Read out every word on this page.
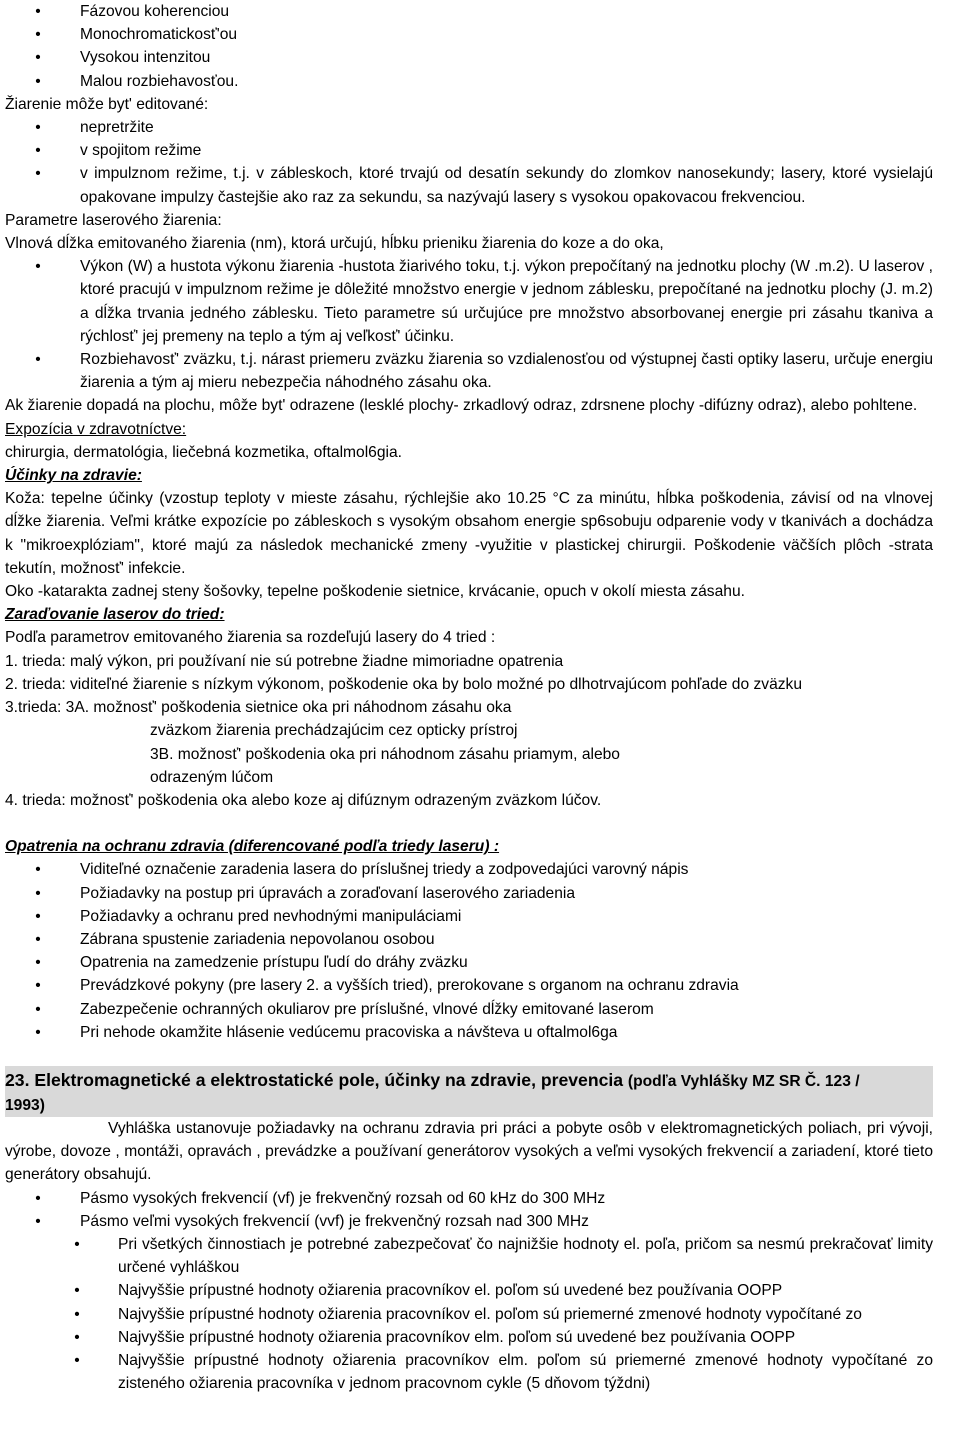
•	Fázovou koherenciou
•	Monochromatickosť'ou
•	Vysokou intenzitou
•	Malou rozbiehavosťou.
Žiarenie môže byt' editované:
•	nepretržite
•	v spojitom režime
•	v impulznom režime, t.j. v zábleskoch, ktoré trvajú od desatín sekundy do zlomkov nanosekundy; lasery, ktoré vysielajú opakovane impulzy častejšie ako raz za sekundu, sa nazývajú lasery s vysokou opakovacou frekvenciou.
Parametre laserového žiarenia:
Vlnová dĺžka emitovaného žiarenia (nm), ktorá určujú, hĺbku prieniku žiarenia do koze a do oka,
•	Výkon (W) a hustota výkonu žiarenia -hustota žiarivého toku, t.j. výkon prepočítaný na jednotku plochy (W .m.2). U laserov , ktoré pracujú v impulznom režime je dôležité množstvo energie v jednom záblesku, prepočítané na jednotku plochy (J. m.2) a dĺžka trvania jedného záblesku. Tieto parametre sú určujúce pre množstvo absorbovanej energie pri zásahu tkaniva a rýchlosť' jej premeny na teplo a tým aj veľkosť' účinku.
•	Rozbiehavosť' zväzku, t.j. nárast priemeru zväzku žiarenia so vzdialenosťou od výstupnej časti optiky laseru, určuje energiu žiarenia a tým aj mieru nebezpečia náhodného zásahu oka.
Ak žiarenie dopadá na plochu, môže byt' odrazene (lesklé plochy- zrkadlový odraz, zdrsnene plochy -difúzny odraz), alebo pohltene.
Expozícia v zdravotníctve:
chirurgia, dermatológia, liečebná kozmetika, oftalmol6gia.
Účinky na zdravie:
Koža: tepelne účinky (vzostup teploty v mieste zásahu, rýchlejšie ako 10.25 °C za minútu, hĺbka poškodenia, závisí od na vlnovej dĺžke žiarenia. Veľmi krátke expozície po zábleskoch s vysokým obsahom energie sp6sobuju odparenie vody v tkanivách a dochádza k "mikroexplóziam", ktoré majú za následok mechanické zmeny -využitie v plastickej chirurgii. Poškodenie väčších plôch -strata tekutín, možnosť' infekcie.
Oko -katarakta zadnej steny šošovky, tepelne poškodenie sietnice, krvácanie, opuch v okolí miesta zásahu.
Zaraďovanie laserov do tried:
Podľa parametrov emitovaného žiarenia sa rozdeľujú lasery do 4 tried :
1. trieda: malý výkon, pri používaní nie sú potrebne žiadne mimoriadne opatrenia
2. trieda: viditeľné žiarenie s nízkym výkonom, poškodenie oka by bolo možné po dlhotrvajúcom pohľade do zväzku
3.trieda: 3A. možnosť' poškodenia sietnice oka pri náhodnom zásahu oka
zväzkom žiarenia prechádzajúcim cez opticky prístroj
3B. možnosť' poškodenia oka pri náhodnom zásahu priamym, alebo
odrazeným lúčom
4. trieda: možnosť' poškodenia oka alebo koze aj difúznym odrazeným zväzkom lúčov.
Opatrenia na ochranu zdravia (diferencované podľa triedy laseru) :
•	Viditeľné označenie zaradenia lasera do príslušnej triedy a zodpovedajúci varovný nápis
•	Požiadavky na postup pri úpravách a zoraďovaní laserového zariadenia
•	Požiadavky a ochranu pred nevhodnými manipuláciami
•	Zábrana spustenie zariadenia nepovolanou osobou
•	Opatrenia na zamedzenie prístupu ľudí do dráhy zväzku
•	Prevádzkové pokyny (pre lasery 2. a vyšších tried), prerokovane s organom na ochranu zdravia
•	Zabezpečenie ochranných okuliarov pre príslušné, vlnové dĺžky emitované laserom
•	Pri nehode okamžite hlásenie vedúcemu pracoviska a návšteva u oftalmol6ga
23. Elektromagnetické a elektrostatické pole, účinky na zdravie, prevencia (podľa Vyhlášky MZ SR Č. 123 / 1993)
Vyhláška ustanovuje požiadavky na ochranu zdravia pri práci a pobyte osôb v elektromagnetických poliach, pri vývoji, výrobe, dovoze , montáži, opravách , prevádzke a používaní generátorov vysokých a veľmi vysokých frekvencií a zariadení, ktoré tieto generátory obsahujú.
•	Pásmo vysokých frekvencií (vf) je frekvenčný rozsah od 60 kHz do 300 MHz
•	Pásmo veľmi vysokých frekvencií (vvf) je frekvenčný rozsah nad 300 MHz
•	Pri všetkých činnostiach je potrebné zabezpečovať čo najnižšie hodnoty el. poľa, pričom sa nesmú prekračovať limity určené vyhláškou
•	Najvyššie prípustné hodnoty ožiarenia pracovníkov el. poľom sú uvedené bez používania OOPP
•	Najvyššie prípustné hodnoty ožiarenia pracovníkov el. poľom sú priemerné zmenové hodnoty vypočítané zo
•	Najvyššie prípustné hodnoty ožiarenia pracovníkov elm. poľom sú uvedené bez používania OOPP
•	Najvyššie prípustné hodnoty ožiarenia pracovníkov elm. poľom sú priemerné zmenové hodnoty vypočítané zo zisteného ožiarenia pracovníka v jednom pracovnom cykle (5 dňovom týždni)
